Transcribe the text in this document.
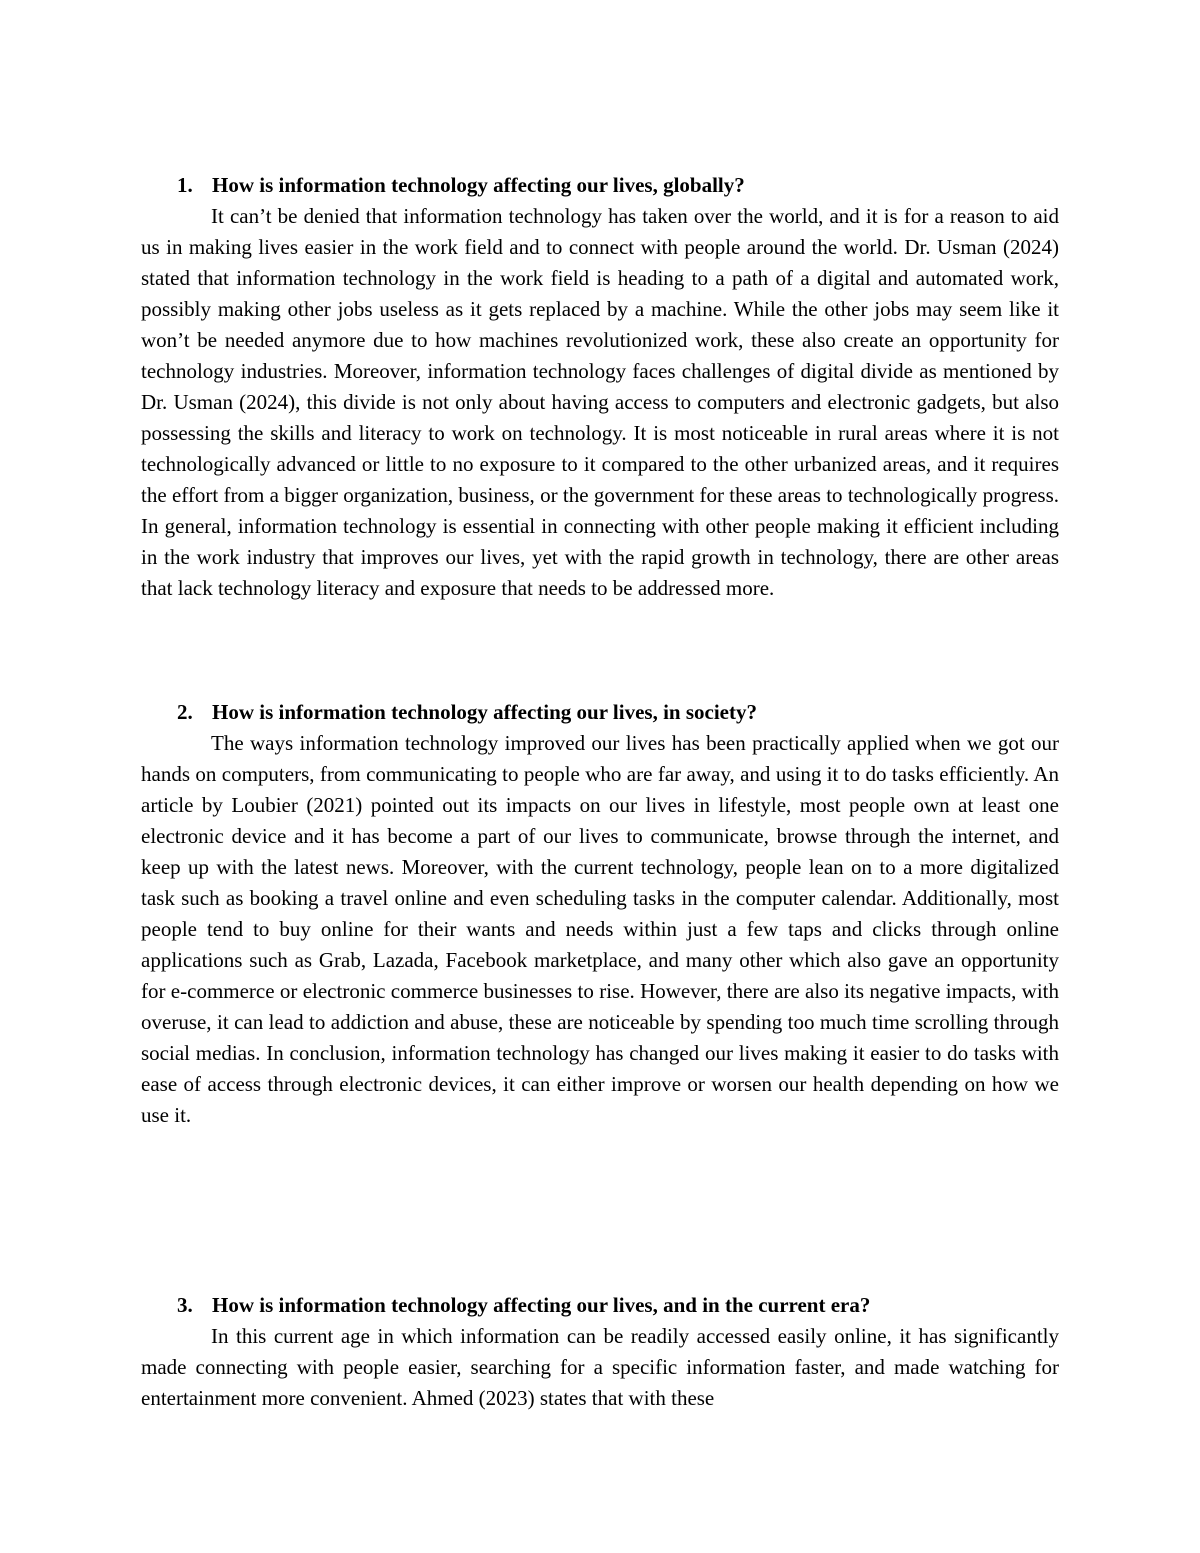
1. How is information technology affecting our lives, globally?

It can’t be denied that information technology has taken over the world, and it is for a reason to aid us in making lives easier in the work field and to connect with people around the world. Dr. Usman (2024) stated that information technology in the work field is heading to a path of a digital and automated work, possibly making other jobs useless as it gets replaced by a machine. While the other jobs may seem like it won’t be needed anymore due to how machines revolutionized work, these also create an opportunity for technology industries. Moreover, information technology faces challenges of digital divide as mentioned by Dr. Usman (2024), this divide is not only about having access to computers and electronic gadgets, but also possessing the skills and literacy to work on technology. It is most noticeable in rural areas where it is not technologically advanced or little to no exposure to it compared to the other urbanized areas, and it requires the effort from a bigger organization, business, or the government for these areas to technologically progress. In general, information technology is essential in connecting with other people making it efficient including in the work industry that improves our lives, yet with the rapid growth in technology, there are other areas that lack technology literacy and exposure that needs to be addressed more.

2. How is information technology affecting our lives, in society?

The ways information technology improved our lives has been practically applied when we got our hands on computers, from communicating to people who are far away, and using it to do tasks efficiently. An article by Loubier (2021) pointed out its impacts on our lives in lifestyle, most people own at least one electronic device and it has become a part of our lives to communicate, browse through the internet, and keep up with the latest news. Moreover, with the current technology, people lean on to a more digitalized task such as booking a travel online and even scheduling tasks in the computer calendar. Additionally, most people tend to buy online for their wants and needs within just a few taps and clicks through online applications such as Grab, Lazada, Facebook marketplace, and many other which also gave an opportunity for e-commerce or electronic commerce businesses to rise. However, there are also its negative impacts, with overuse, it can lead to addiction and abuse, these are noticeable by spending too much time scrolling through social medias. In conclusion, information technology has changed our lives making it easier to do tasks with ease of access through electronic devices, it can either improve or worsen our health depending on how we use it.

3. How is information technology affecting our lives, and in the current era?

In this current age in which information can be readily accessed easily online, it has significantly made connecting with people easier, searching for a specific information faster, and made watching for entertainment more convenient. Ahmed (2023) states that with these
